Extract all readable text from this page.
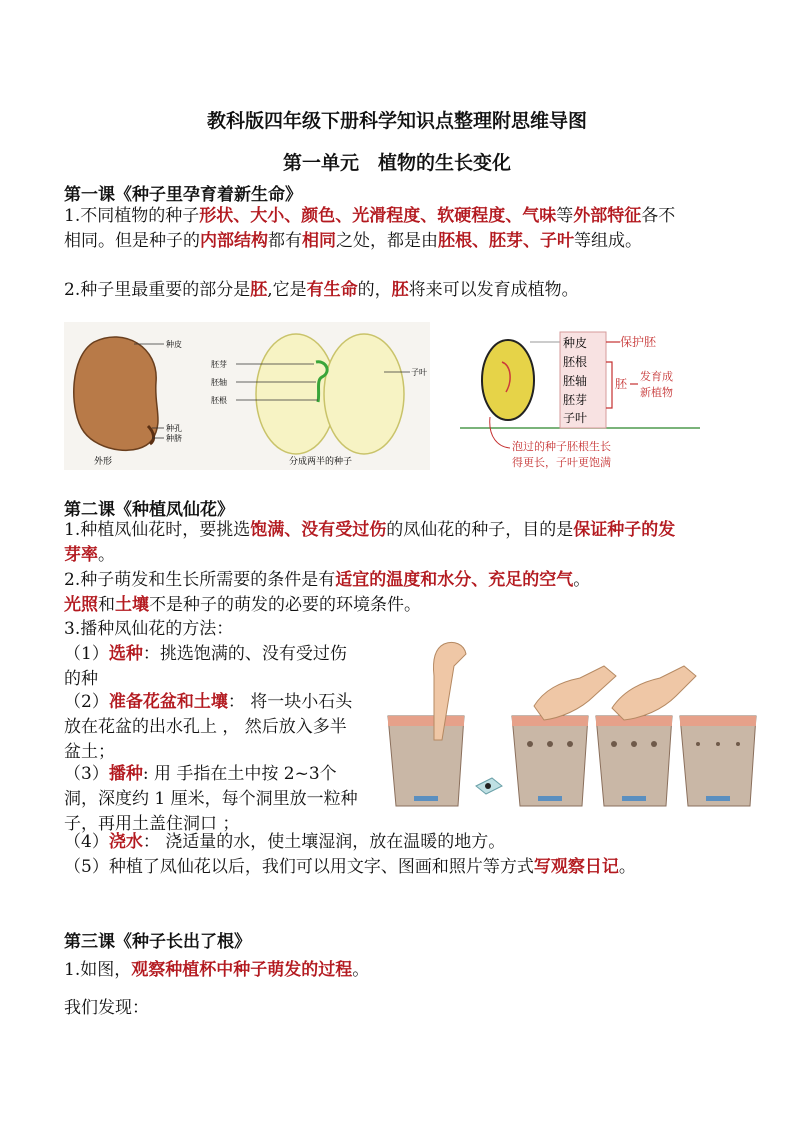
教科版四年级下册科学知识点整理附思维导图
第一单元　植物的生长变化
第一课《种子里孕育着新生命》
1.不同植物的种子形状、大小、颜色、光滑程度、软硬程度、气味等外部特征各不相同。但是种子的内部结构都有相同之处，都是由胚根、胚芽、子叶等组成。
2.种子里最重要的部分是胚,它是有生命的，胚将来可以发育成植物。
种皮
种孔
种脐
外形
胚芽
胚轴
胚根
子叶
分成两半的种子
种皮
胚根
胚轴
胚芽
子叶
保护胚
胚
发育成
新植物
泡过的种子胚根生长
得更长，子叶更饱满
第二课《种植凤仙花》
1.种植凤仙花时，要挑选饱满、没有受过伤的凤仙花的种子，目的是保证种子的发芽率。
2.种子萌发和生长所需要的条件是有适宜的温度和水分、充足的空气。
光照和土壤不是种子的萌发的必要的环境条件。
3.播种凤仙花的方法：
（1）选种：挑选饱满的、没有受过伤的种
（2）准备花盆和土壤： 将一块小石头放在花盆的出水孔上 ， 然后放入多半盆土；
（3）播种: 用 手指在土中按 2~3个洞，深度约 1 厘米，每个洞里放一粒种子，再用土盖住洞口 ；
（4）浇水： 浇适量的水，使土壤湿润，放在温暖的地方。
（5）种植了凤仙花以后，我们可以用文字、图画和照片等方式写观察日记。
第三课《种子长出了根》
1.如图，观察种植杯中种子萌发的过程。
我们发现：
